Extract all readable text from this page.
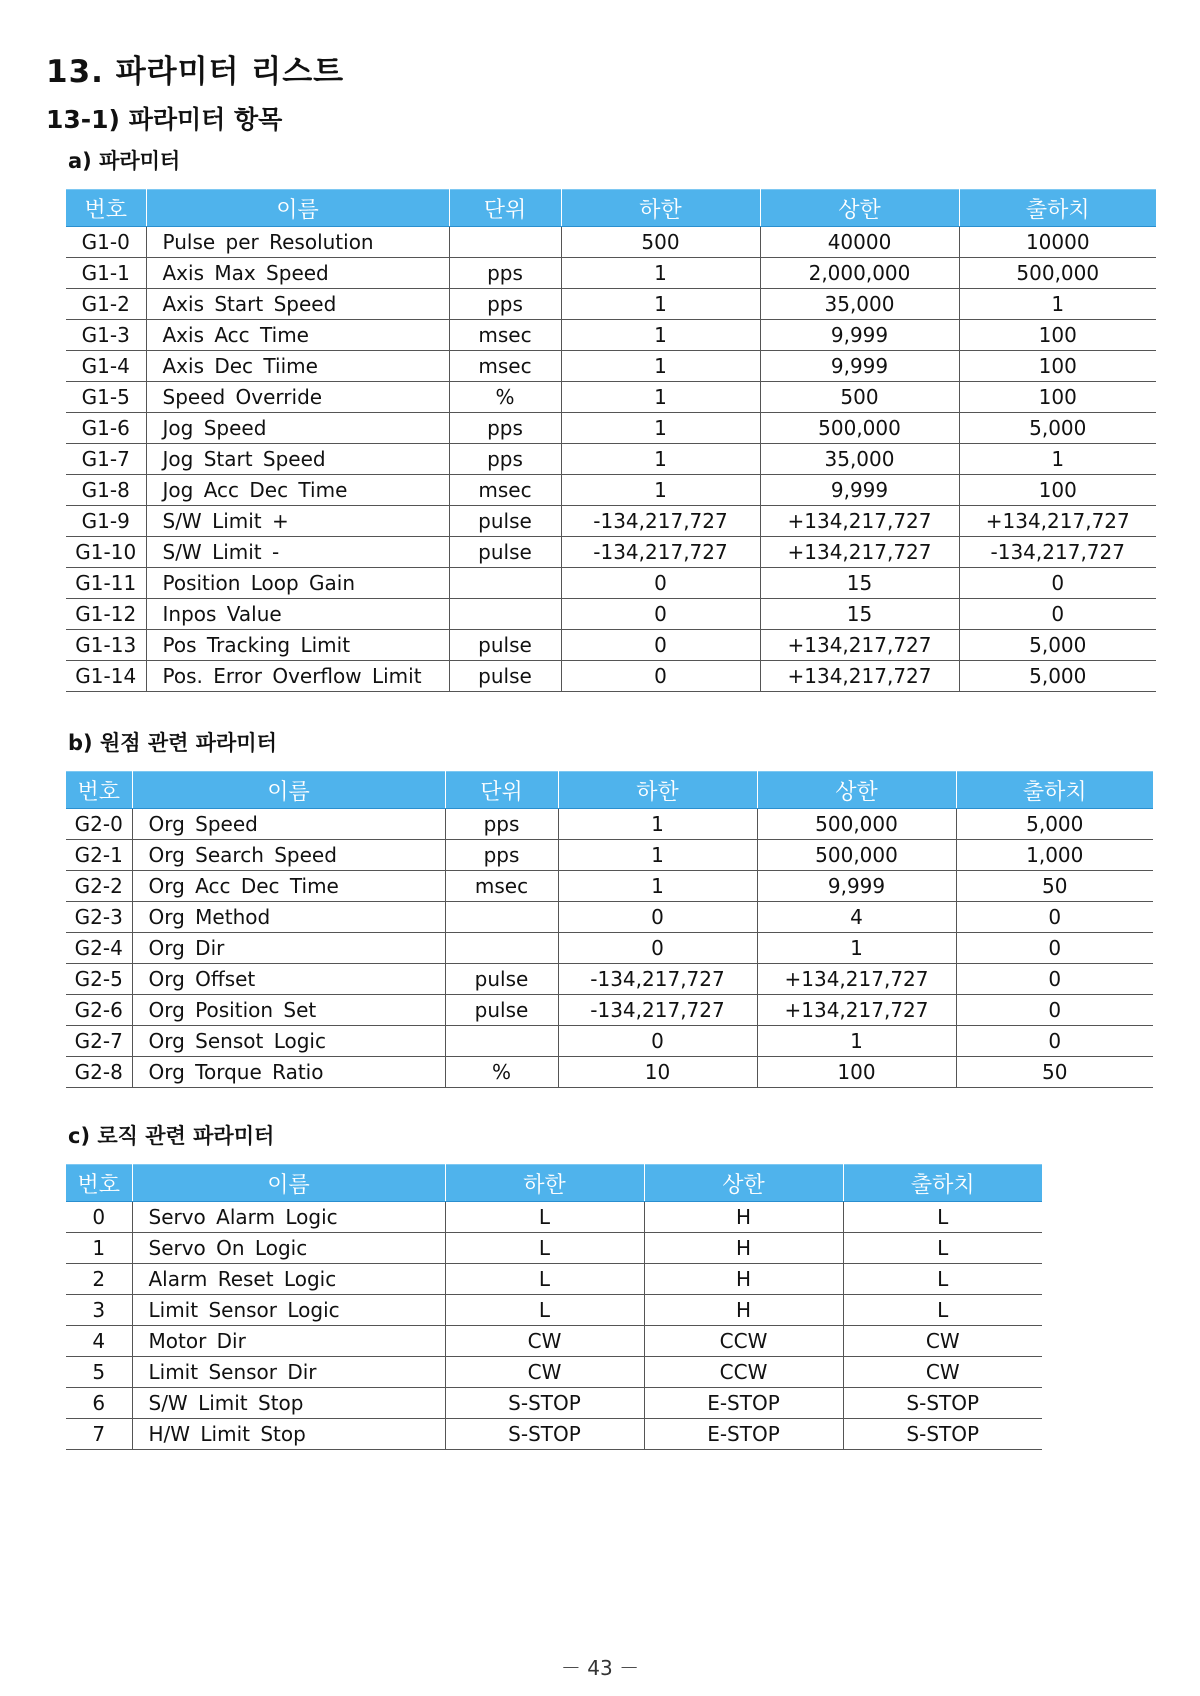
13. 파라미터 리스트
13-1) 파라미터 항목
a) 파라미터
번호	이름	단위	하한	상한	출하치
G1-0	Pulse per Resolution		500	40000	10000
G1-1	Axis Max Speed	pps	1	2,000,000	500,000
G1-2	Axis Start Speed	pps	1	35,000	1
G1-3	Axis Acc Time	msec	1	9,999	100
G1-4	Axis Dec Tiime	msec	1	9,999	100
G1-5	Speed Override	%	1	500	100
G1-6	Jog Speed	pps	1	500,000	5,000
G1-7	Jog Start Speed	pps	1	35,000	1
G1-8	Jog Acc Dec Time	msec	1	9,999	100
G1-9	S/W Limit +	pulse	-134,217,727	+134,217,727	+134,217,727
G1-10	S/W Limit -	pulse	-134,217,727	+134,217,727	-134,217,727
G1-11	Position Loop Gain		0	15	0
G1-12	Inpos Value		0	15	0
G1-13	Pos Tracking Limit	pulse	0	+134,217,727	5,000
G1-14	Pos. Error Overflow Limit	pulse	0	+134,217,727	5,000
b) 원점 관련 파라미터
번호	이름	단위	하한	상한	출하치
G2-0	Org Speed	pps	1	500,000	5,000
G2-1	Org Search Speed	pps	1	500,000	1,000
G2-2	Org Acc Dec Time	msec	1	9,999	50
G2-3	Org Method		0	4	0
G2-4	Org Dir		0	1	0
G2-5	Org Offset	pulse	-134,217,727	+134,217,727	0
G2-6	Org Position Set	pulse	-134,217,727	+134,217,727	0
G2-7	Org Sensot Logic		0	1	0
G2-8	Org Torque Ratio	%	10	100	50
c) 로직 관련 파라미터
번호	이름	하한	상한	출하치
0	Servo Alarm Logic	L	H	L
1	Servo On Logic	L	H	L
2	Alarm Reset Logic	L	H	L
3	Limit Sensor Logic	L	H	L
4	Motor Dir	CW	CCW	CW
5	Limit Sensor Dir	CW	CCW	CW
6	S/W Limit Stop	S-STOP	E-STOP	S-STOP
7	H/W Limit Stop	S-STOP	E-STOP	S-STOP
－ 43 －
